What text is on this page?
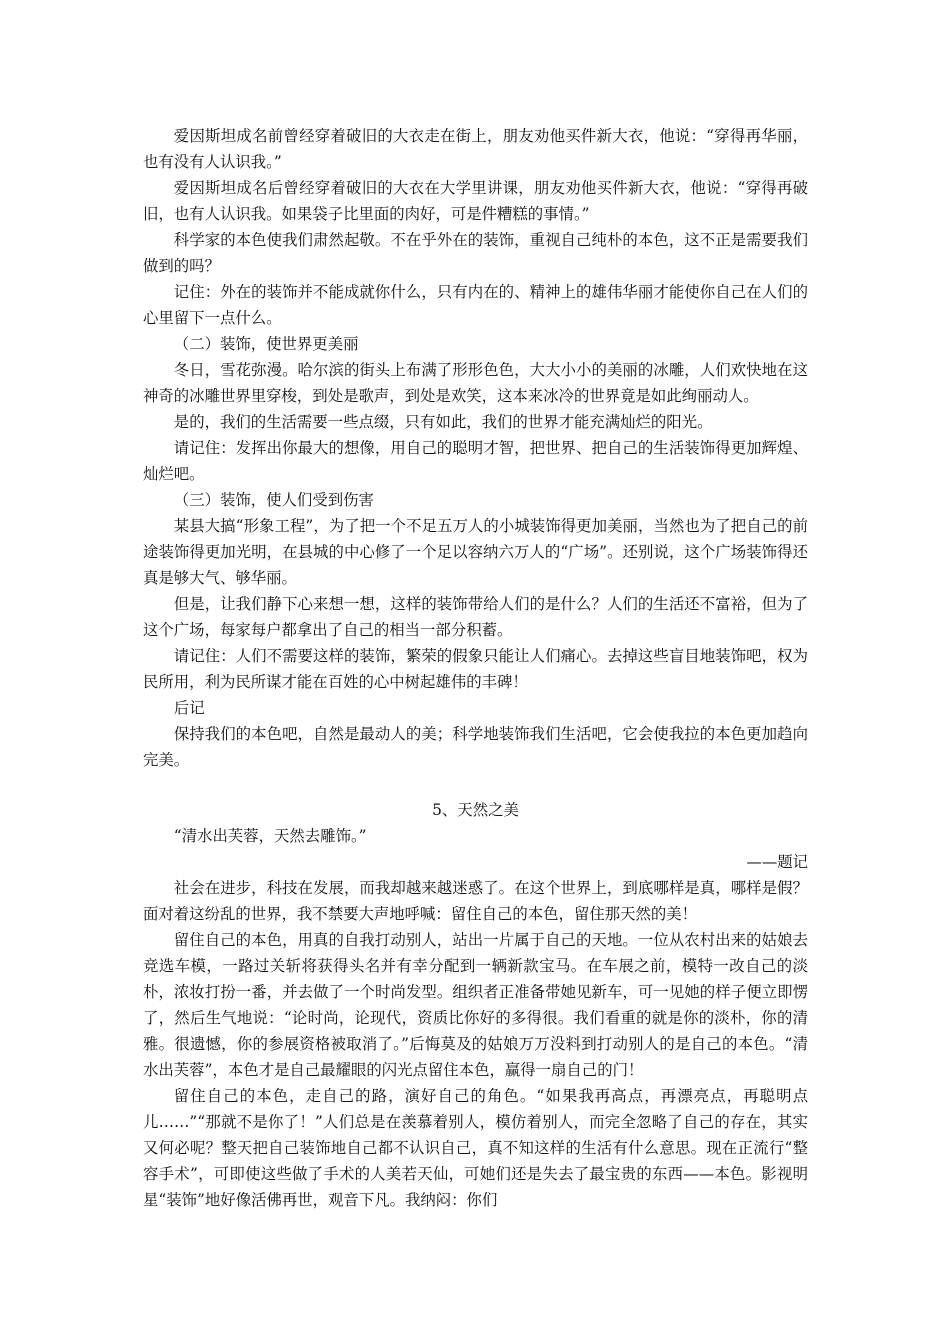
爱因斯坦成名前曾经穿着破旧的大衣走在街上，朋友劝他买件新大衣，他说：“穿得再华丽，也有没有人认识我。”

爱因斯坦成名后曾经穿着破旧的大衣在大学里讲课，朋友劝他买件新大衣，他说：“穿得再破旧，也有人认识我。如果袋子比里面的肉好，可是件糟糕的事情。”

科学家的本色使我们肃然起敬。不在乎外在的装饰，重视自己纯朴的本色，这不正是需要我们做到的吗？

记住：外在的装饰并不能成就你什么，只有内在的、精神上的雄伟华丽才能使你自己在人们的心里留下一点什么。

（二）装饰，使世界更美丽

冬日，雪花弥漫。哈尔滨的街头上布满了形形色色，大大小小的美丽的冰雕，人们欢快地在这神奇的冰雕世界里穿梭，到处是歌声，到处是欢笑，这本来冰冷的世界竟是如此绚丽动人。

是的，我们的生活需要一些点缀，只有如此，我们的世界才能充满灿烂的阳光。

请记住：发挥出你最大的想像，用自己的聪明才智，把世界、把自己的生活装饰得更加辉煌、灿烂吧。

（三）装饰，使人们受到伤害

某县大搞“形象工程”，为了把一个不足五万人的小城装饰得更加美丽，当然也为了把自己的前途装饰得更加光明，在县城的中心修了一个足以容纳六万人的“广场”。还别说，这个广场装饰得还真是够大气、够华丽。

但是，让我们静下心来想一想，这样的装饰带给人们的是什么？人们的生活还不富裕，但为了这个广场，每家每户都拿出了自己的相当一部分积蓄。

请记住：人们不需要这样的装饰，繁荣的假象只能让人们痛心。去掉这些盲目地装饰吧，权为民所用，利为民所谋才能在百姓的心中树起雄伟的丰碑！

后记

保持我们的本色吧，自然是最动人的美；科学地装饰我们生活吧，它会使我拉的本色更加趋向完美。

5、天然之美

“清水出芙蓉，天然去雕饰。”

——题记

社会在进步，科技在发展，而我却越来越迷惑了。在这个世界上，到底哪样是真，哪样是假？面对着这纷乱的世界，我不禁要大声地呼喊：留住自己的本色，留住那天然的美！

留住自己的本色，用真的自我打动别人，站出一片属于自己的天地。一位从农村出来的姑娘去竞选车模，一路过关斩将获得头名并有幸分配到一辆新款宝马。在车展之前，模特一改自己的淡朴，浓妆打扮一番，并去做了一个时尚发型。组织者正准备带她见新车，可一见她的样子便立即愣了，然后生气地说：“论时尚，论现代，资质比你好的多得很。我们看重的就是你的淡朴，你的清雅。很遗憾，你的参展资格被取消了。”后悔莫及的姑娘万万没料到打动别人的是自己的本色。“清水出芙蓉”，本色才是自己最耀眼的闪光点留住本色，赢得一扇自己的门！

留住自己的本色，走自己的路，演好自己的角色。“如果我再高点，再漂亮点，再聪明点儿……”“那就不是你了！”人们总是在羡慕着别人，模仿着别人，而完全忽略了自己的存在，其实又何必呢？整天把自己装饰地自己都不认识自己，真不知这样的生活有什么意思。现在正流行“整容手术”，可即使这些做了手术的人美若天仙，可她们还是失去了最宝贵的东西——本色。影视明星“装饰”地好像活佛再世，观音下凡。我纳闷：你们
